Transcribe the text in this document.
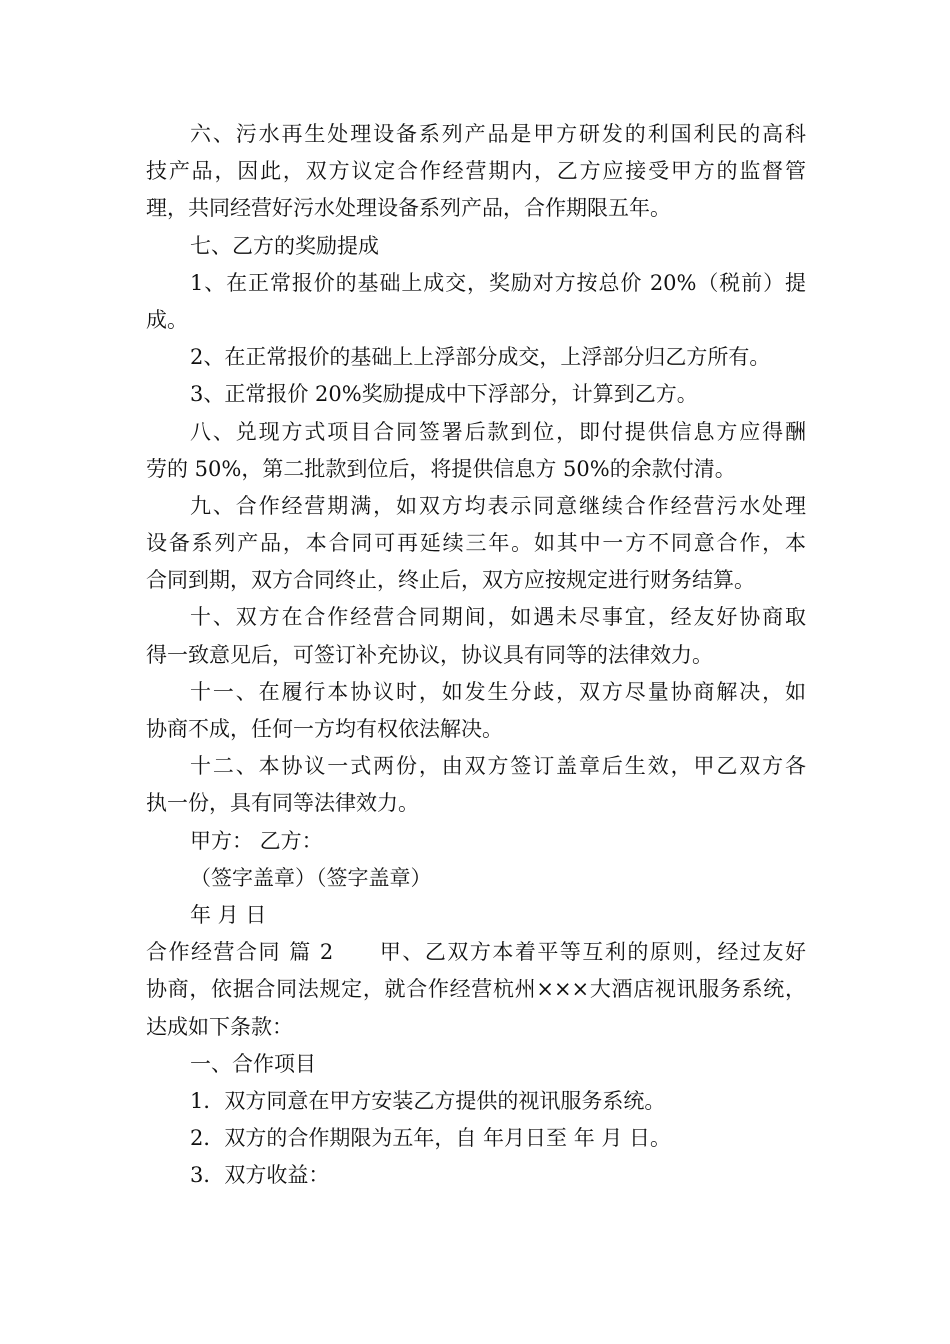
六、污水再生处理设备系列产品是甲方研发的利国利民的高科
技产品，因此，双方议定合作经营期内，乙方应接受甲方的监督管
理，共同经营好污水处理设备系列产品，合作期限五年。
七、乙方的奖励提成
1、在正常报价的基础上成交，奖励对方按总价 20%（税前）提
成。
2、在正常报价的基础上上浮部分成交，上浮部分归乙方所有。
3、正常报价 20%奖励提成中下浮部分，计算到乙方。
八、兑现方式项目合同签署后款到位，即付提供信息方应得酬
劳的 50%，第二批款到位后，将提供信息方 50%的余款付清。
九、合作经营期满，如双方均表示同意继续合作经营污水处理
设备系列产品，本合同可再延续三年。如其中一方不同意合作，本
合同到期，双方合同终止，终止后，双方应按规定进行财务结算。
十、双方在合作经营合同期间，如遇未尽事宜，经友好协商取
得一致意见后，可签订补充协议，协议具有同等的法律效力。
十一、在履行本协议时，如发生分歧，双方尽量协商解决，如
协商不成，任何一方均有权依法解决。
十二、本协议一式两份，由双方签订盖章后生效，甲乙双方各
执一份，具有同等法律效力。
甲方： 乙方：
（签字盖章）（签字盖章）
年 月 日
合作经营合同 篇 2　　甲、乙双方本着平等互利的原则，经过友好
协商，依据合同法规定，就合作经营杭州×××大酒店视讯服务系统，
达成如下条款：
一、合作项目
1．双方同意在甲方安装乙方提供的视讯服务系统。
2．双方的合作期限为五年，自 年月日至 年 月 日。
3．双方收益：
